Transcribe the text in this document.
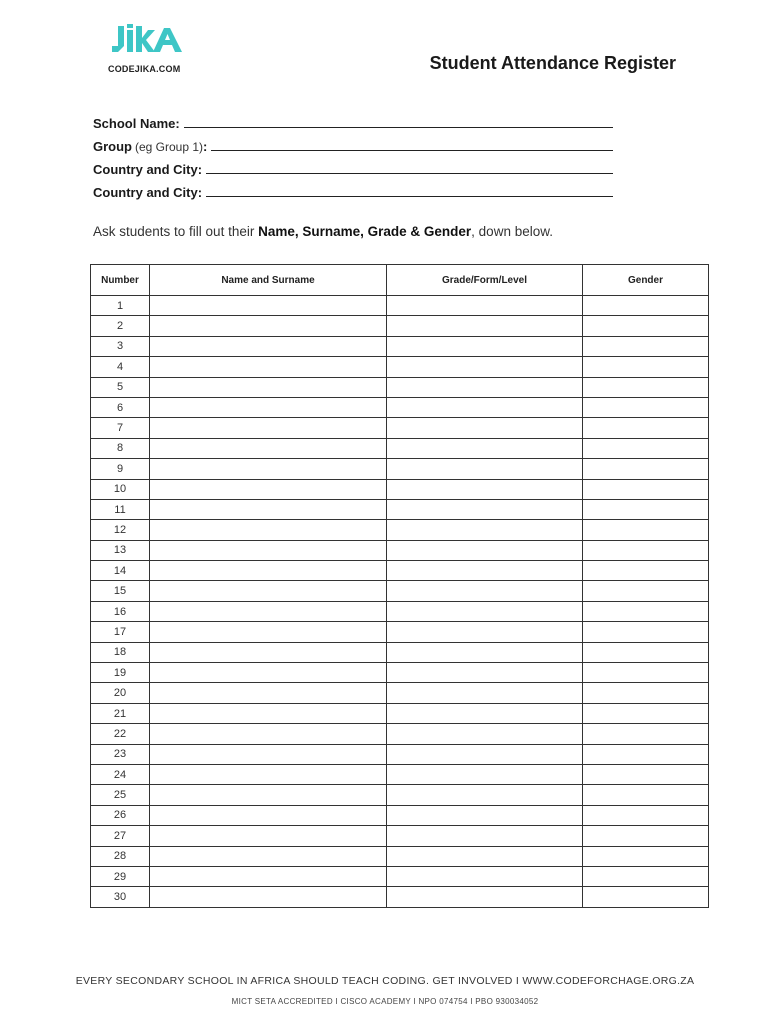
CODEJIKA.COM	Student Attendance Register
School Name:
Group (eg Group 1) :
Country and City:
Country and City:
Ask students to fill out their Name, Surname, Grade & Gender, down below.
Number	Name and Surname	Grade/Form/Level	Gender
1			
2			
3			
4			
5			
6			
7			
8			
9			
10			
11			
12			
13			
14			
15			
16			
17			
18			
19			
20			
21			
22			
23			
24			
25			
26			
27			
28			
29			
30			
EVERY SECONDARY SCHOOL IN AFRICA SHOULD TEACH CODING. GET INVOLVED I WWW.CODEFORCHAGE.ORG.ZA
MICT SETA ACCREDITED I CISCO ACADEMY I NPO 074754 I PBO 930034052
